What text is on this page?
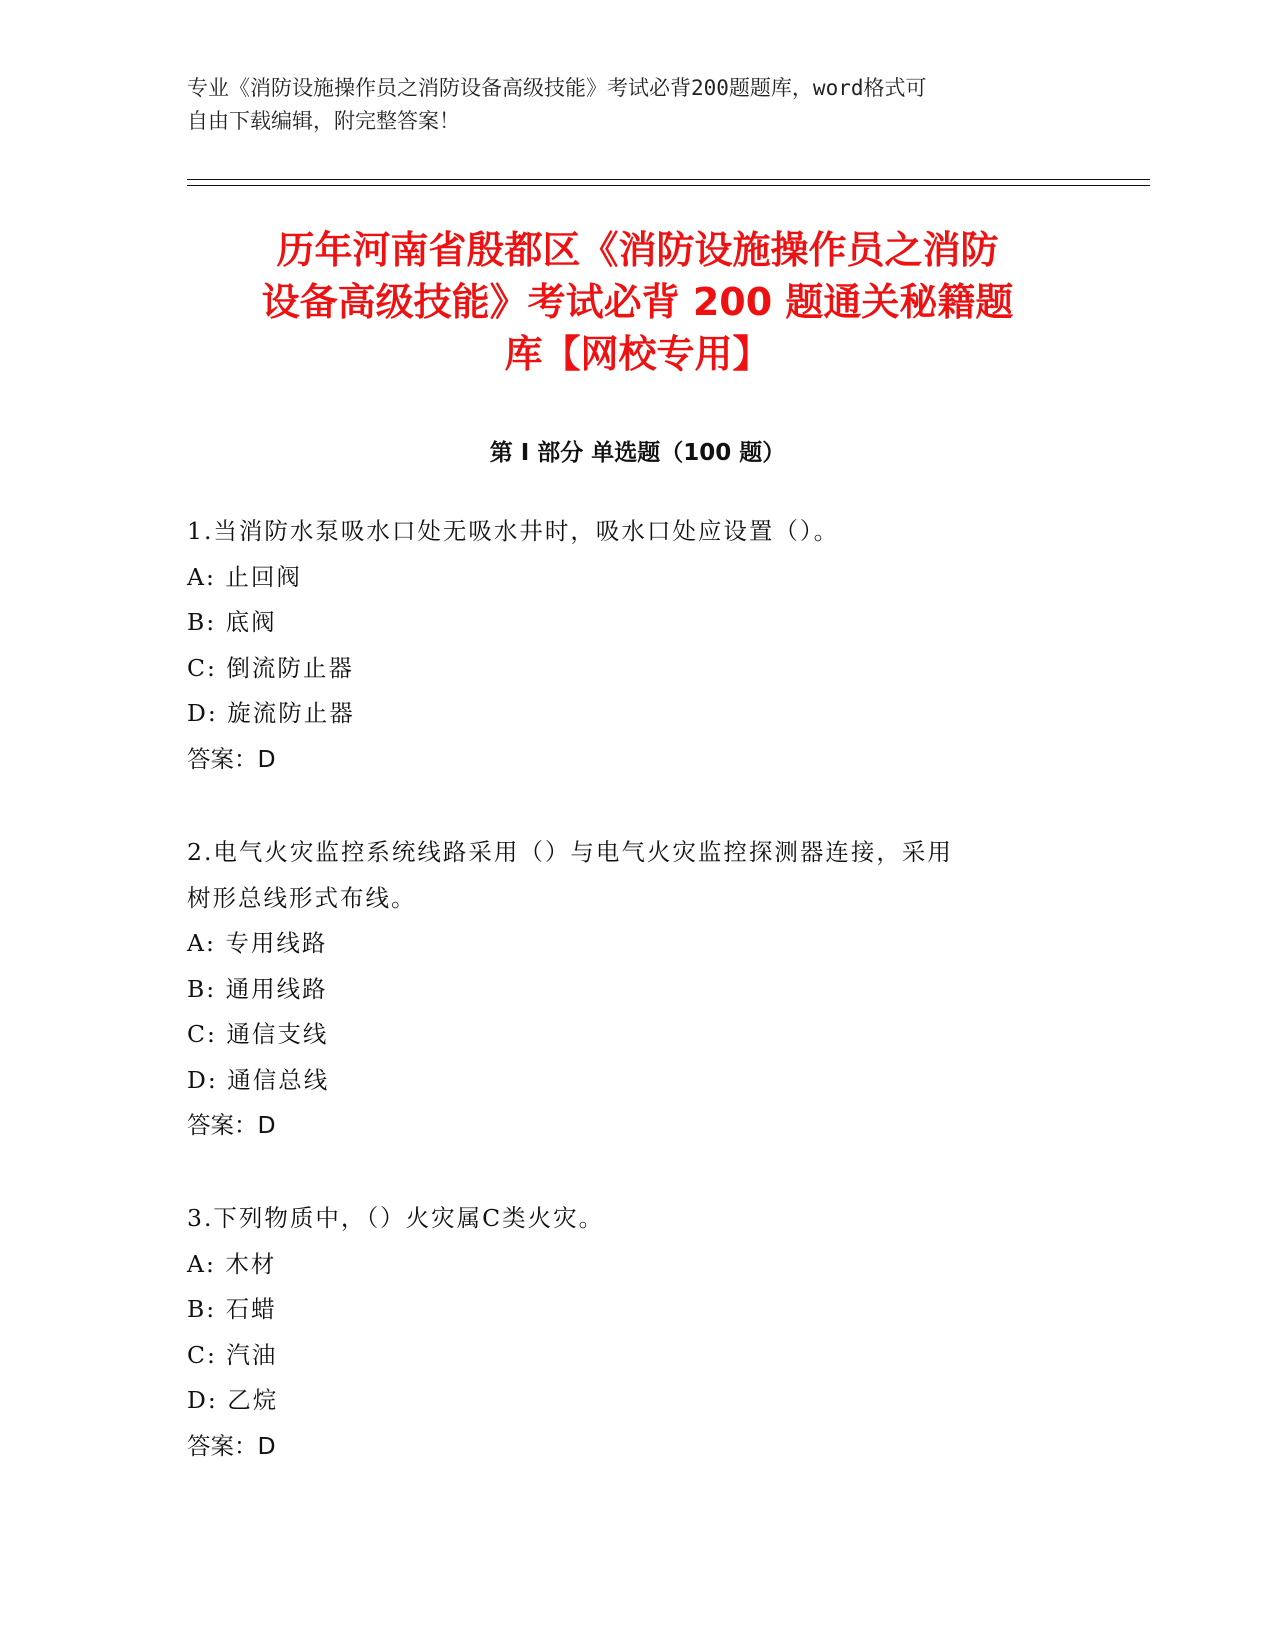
专业《消防设施操作员之消防设备高级技能》考试必背200题题库，word格式可
自由下载编辑，附完整答案！
历年河南省殷都区《消防设施操作员之消防
设备高级技能》考试必背 200 题通关秘籍题
库【网校专用】
第 I 部分 单选题（100 题）
1.当消防水泵吸水口处无吸水井时，吸水口处应设置（）。
A: 止回阀
B: 底阀
C: 倒流防止器
D: 旋流防止器
答案：D
2.电气火灾监控系统线路采用（）与电气火灾监控探测器连接，采用
树形总线形式布线。
A: 专用线路
B: 通用线路
C: 通信支线
D: 通信总线
答案：D
3.下列物质中，（）火灾属C类火灾。
A: 木材
B: 石蜡
C: 汽油
D: 乙烷
答案：D
